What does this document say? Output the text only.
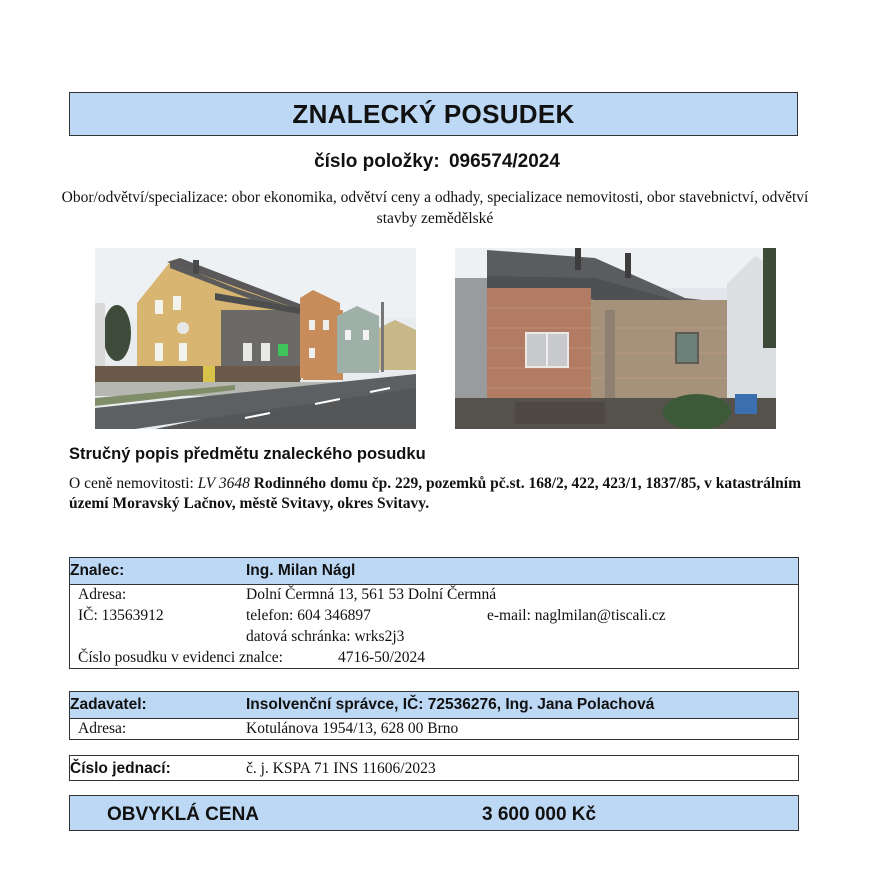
ZNALECKÝ POSUDEK
číslo položky: 096574/2024
Obor/odvětví/specializace: obor ekonomika, odvětví ceny a odhady, specializace nemovitosti, obor stavebnictví, odvětví stavby zemědělské
Stručný popis předmětu znaleckého posudku
O ceně nemovitosti: LV 3648 Rodinného domu čp. 229, pozemků pč.st. 168/2, 422, 423/1, 1837/85, v katastrálním území Moravský Lačnov, městě Svitavy, okres Svitavy.
Znalec:	Ing. Milan Nágl
Adresa:	Dolní Čermná 13, 561 53 Dolní Čermná
IČ: 13563912	telefon: 604 346897	e-mail: naglmilan@tiscali.cz
datová schránka: wrks2j3
Číslo posudku v evidenci znalce:	4716-50/2024
Zadavatel:	Insolvenční správce, IČ: 72536276, Ing. Jana Polachová
Adresa:	Kotulánova 1954/13, 628 00 Brno
Číslo jednací:	č. j. KSPA 71 INS 11606/2023
OBVYKLÁ CENA	3 600 000 Kč
